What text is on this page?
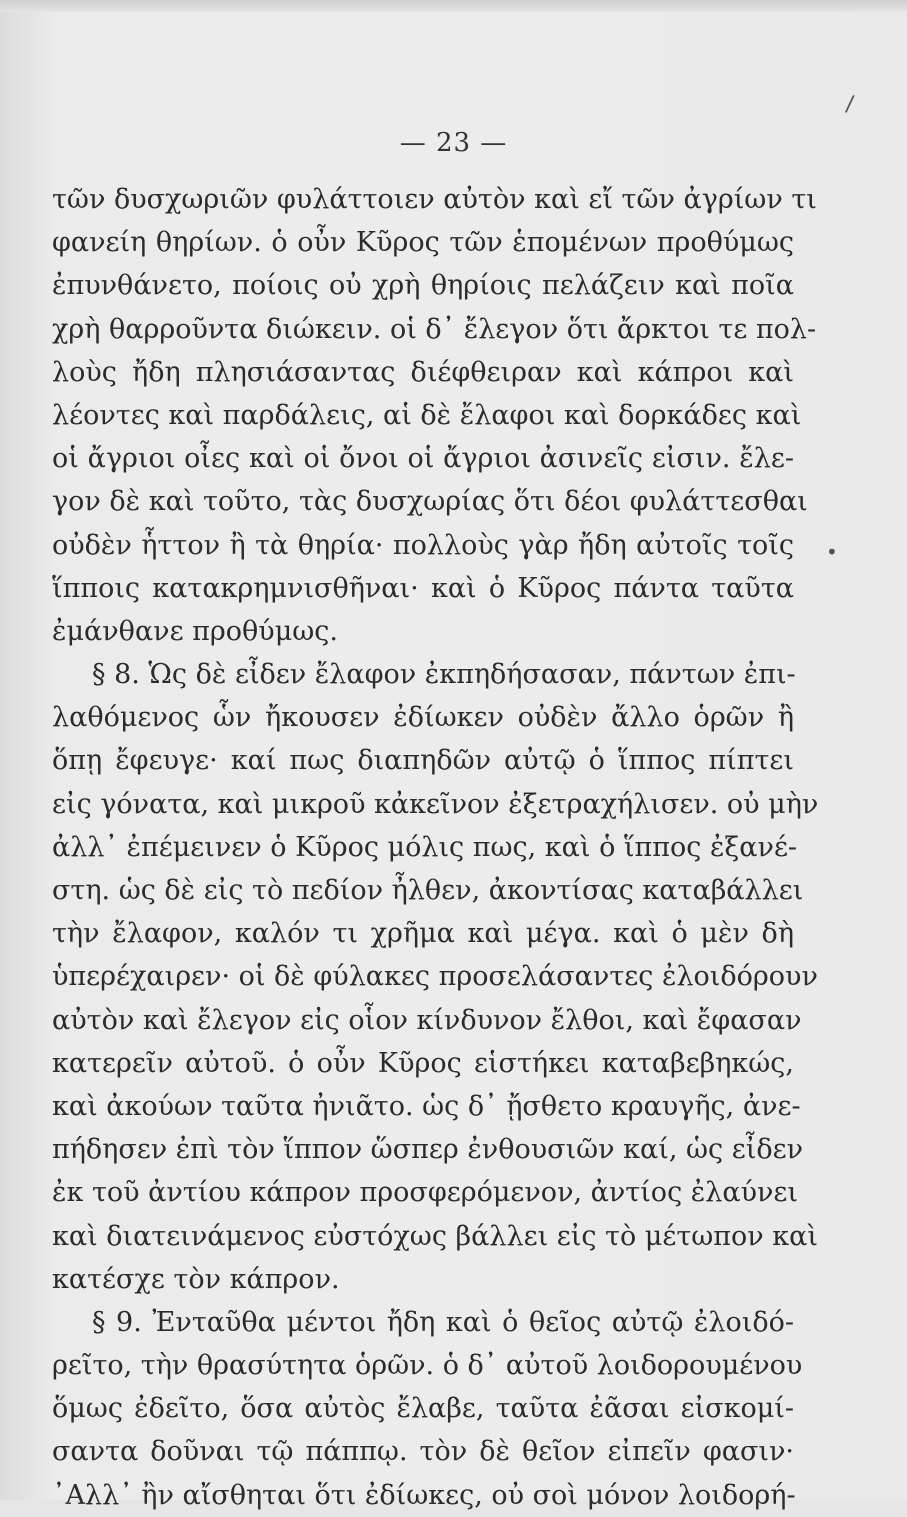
— 23 —
/
•
τῶν δυσχωριῶν φυλάττοιεν αὐτὸν καὶ εἴ τῶν ἀγρίων τι
φανείη θηρίων. ὁ οὖν Κῦρος τῶν ἑπομένων προθύμως
ἐπυνθάνετο, ποίοις οὐ χρὴ θηρίοις πελάζειν καὶ ποῖα
χρὴ θαρροῦντα διώκειν. οἱ δ᾽ ἔλεγον ὅτι ἄρκτοι τε πολ-
λοὺς ἤδη πλησιάσαντας διέφθειραν καὶ κάπροι καὶ
λέοντες καὶ παρδάλεις, αἱ δὲ ἔλαφοι καὶ δορκάδες καὶ
οἱ ἄγριοι οἶες καὶ οἱ ὄνοι οἱ ἄγριοι ἀσινεῖς εἰσιν. ἔλε-
γον δὲ καὶ τοῦτο, τὰς δυσχωρίας ὅτι δέοι φυλάττεσθαι
οὐδὲν ἧττον ἢ τὰ θηρία· πολλοὺς γὰρ ἤδη αὐτοῖς τοῖς
ἵπποις κατακρημνισθῆναι· καὶ ὁ Κῦρος πάντα ταῦτα
ἐμάνθανε προθύμως.
§ 8. Ὡς δὲ εἶδεν ἔλαφον ἐκπηδήσασαν, πάντων ἐπι-
λαθόμενος ὧν ἤκουσεν ἐδίωκεν οὐδὲν ἄλλο ὁρῶν ἢ
ὅπῃ ἔφευγε· καί πως διαπηδῶν αὐτῷ ὁ ἵππος πίπτει
εἰς γόνατα, καὶ μικροῦ κἀκεῖνον ἐξετραχήλισεν. οὐ μὴν
ἀλλ᾽ ἐπέμεινεν ὁ Κῦρος μόλις πως, καὶ ὁ ἵππος ἐξανέ-
στη. ὡς δὲ εἰς τὸ πεδίον ἦλθεν, ἀκοντίσας καταβάλλει
τὴν ἔλαφον, καλόν τι χρῆμα καὶ μέγα. καὶ ὁ μὲν δὴ
ὑπερέχαιρεν· οἱ δὲ φύλακες προσελάσαντες ἐλοιδόρουν
αὐτὸν καὶ ἔλεγον εἰς οἷον κίνδυνον ἔλθοι, καὶ ἔφασαν
κατερεῖν αὐτοῦ. ὁ οὖν Κῦρος εἱστήκει καταβεβηκώς,
καὶ ἀκούων ταῦτα ἠνιᾶτο. ὡς δ᾽ ᾔσθετο κραυγῆς, ἀνε-
πήδησεν ἐπὶ τὸν ἵππον ὥσπερ ἐνθουσιῶν καί, ὡς εἶδεν
ἐκ τοῦ ἀντίου κάπρον προσφερόμενον, ἀντίος ἐλαύνει
καὶ διατεινάμενος εὐστόχως βάλλει εἰς τὸ μέτωπον καὶ
κατέσχε τὸν κάπρον.
§ 9. Ἐνταῦθα μέντοι ἤδη καὶ ὁ θεῖος αὐτῷ ἐλοιδό-
ρεῖτο, τὴν θρασύτητα ὁρῶν. ὁ δ᾽ αὐτοῦ λοιδορουμένου
ὅμως ἐδεῖτο, ὅσα αὐτὸς ἔλαβε, ταῦτα ἐᾶσαι εἰσκομί-
σαντα δοῦναι τῷ πάππῳ. τὸν δὲ θεῖον εἰπεῖν φασιν·
᾽Αλλ᾽ ἢν αἴσθηται ὅτι ἐδίωκες, οὐ σοὶ μόνον λοιδορή-
